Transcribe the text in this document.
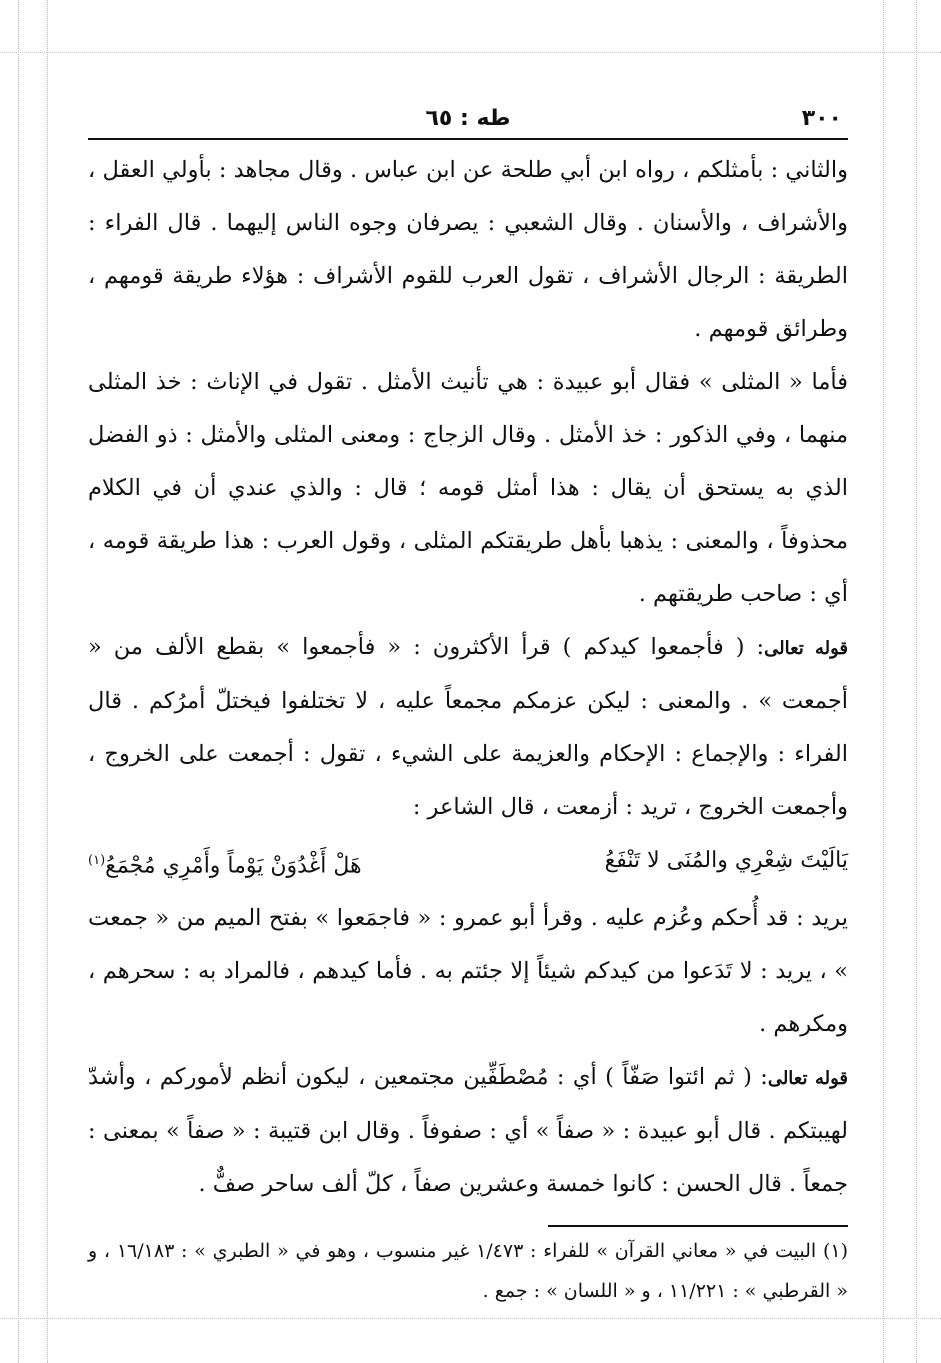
٣٠٠
طه : ٦٥

والثاني : بأمثلكم ، رواه ابن أبي طلحة عن ابن عباس . وقال مجاهد : بأولي العقل ، والأشراف ، والأسنان . وقال الشعبي : يصرفان وجوه الناس إليهما . قال الفراء : الطريقة : الرجال الأشراف ، تقول العرب للقوم الأشراف : هؤلاء طريقة قومهم ، وطرائق قومهم .

فأما « المثلى » فقال أبو عبيدة : هي تأنيث الأمثل . تقول في الإناث : خذ المثلى منهما ، وفي الذكور : خذ الأمثل . وقال الزجاج : ومعنى المثلى والأمثل : ذو الفضل الذي به يستحق أن يقال : هذا أمثل قومه ؛ قال : والذي عندي أن في الكلام محذوفاً ، والمعنى : يذهبا بأهل طريقتكم المثلى ، وقول العرب : هذا طريقة قومه ، أي : صاحب طريقتهم .

قوله تعالى: ( فأجمعوا كيدكم ) قرأ الأكثرون : « فأجمعوا » بقطع الألف من « أجمعت » . والمعنى : ليكن عزمكم مجمعاً عليه ، لا تختلفوا فيختلّ أمرُكم . قال الفراء : والإجماع : الإحكام والعزيمة على الشيء ، تقول : أجمعت على الخروج ، وأجمعت الخروج ، تريد : أزمعت ، قال الشاعر :

يَالَيْتَ شِعْرِي والمُنَى لا تَنْفَعُ
هَلْ أَغْدُوَنْ يَوْماً وأَمْرِي مُجْمَعُ$^{(١)}$

يريد : قد أُحكم وعُزم عليه . وقرأ أبو عمرو : « فاجمَعوا » بفتح الميم من « جمعت » ، يريد : لا تَدَعوا من كيدكم شيئاً إلا جئتم به . فأما كيدهم ، فالمراد به : سحرهم ، ومكرهم .

قوله تعالى: ( ثم ائتوا صَفّاً ) أي : مُصْطَفِّين مجتمعين ، ليكون أنظم لأموركم ، وأشدّ لهيبتكم . قال أبو عبيدة : « صفاً » أي : صفوفاً . وقال ابن قتيبة : « صفاً » بمعنى : جمعاً . قال الحسن : كانوا خمسة وعشرين صفاً ، كلّ ألف ساحر صفٌّ .

(١) البيت في « معاني القرآن » للفراء : ١/٤٧٣ غير منسوب ، وهو في « الطبري » : ١٦/١٨٣ ، و « القرطبي » : ١١/٢٢١ ، و « اللسان » : جمع .
